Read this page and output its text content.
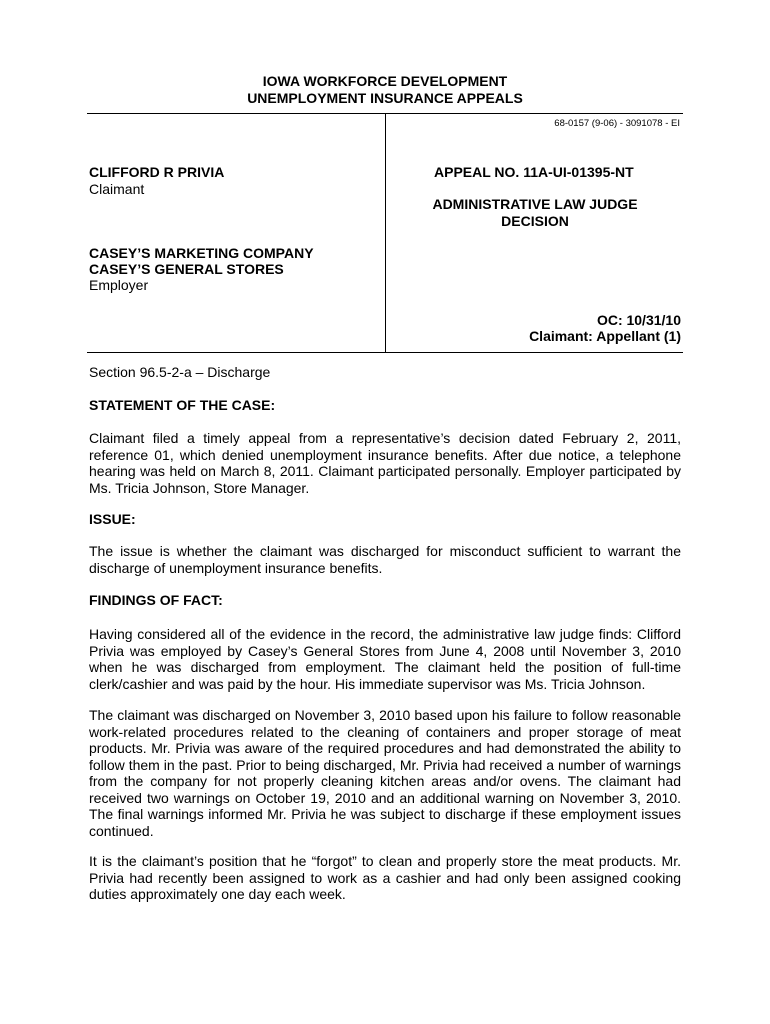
IOWA WORKFORCE DEVELOPMENT
UNEMPLOYMENT INSURANCE APPEALS
68-0157 (9-06) - 3091078 - EI
CLIFFORD R PRIVIA
Claimant
CASEY’S MARKETING COMPANY
CASEY’S GENERAL STORES
Employer
APPEAL NO. 11A-UI-01395-NT
ADMINISTRATIVE LAW JUDGE
DECISION
OC: 10/31/10
Claimant: Appellant (1)

Section 96.5-2-a – Discharge

STATEMENT OF THE CASE:

Claimant filed a timely appeal from a representative’s decision dated February 2, 2011, reference 01, which denied unemployment insurance benefits. After due notice, a telephone hearing was held on March 8, 2011. Claimant participated personally. Employer participated by Ms. Tricia Johnson, Store Manager.

ISSUE:

The issue is whether the claimant was discharged for misconduct sufficient to warrant the discharge of unemployment insurance benefits.

FINDINGS OF FACT:

Having considered all of the evidence in the record, the administrative law judge finds: Clifford Privia was employed by Casey’s General Stores from June 4, 2008 until November 3, 2010 when he was discharged from employment. The claimant held the position of full-time clerk/cashier and was paid by the hour. His immediate supervisor was Ms. Tricia Johnson.

The claimant was discharged on November 3, 2010 based upon his failure to follow reasonable work-related procedures related to the cleaning of containers and proper storage of meat products. Mr. Privia was aware of the required procedures and had demonstrated the ability to follow them in the past. Prior to being discharged, Mr. Privia had received a number of warnings from the company for not properly cleaning kitchen areas and/or ovens. The claimant had received two warnings on October 19, 2010 and an additional warning on November 3, 2010. The final warnings informed Mr. Privia he was subject to discharge if these employment issues continued.

It is the claimant’s position that he “forgot” to clean and properly store the meat products. Mr. Privia had recently been assigned to work as a cashier and had only been assigned cooking duties approximately one day each week.
